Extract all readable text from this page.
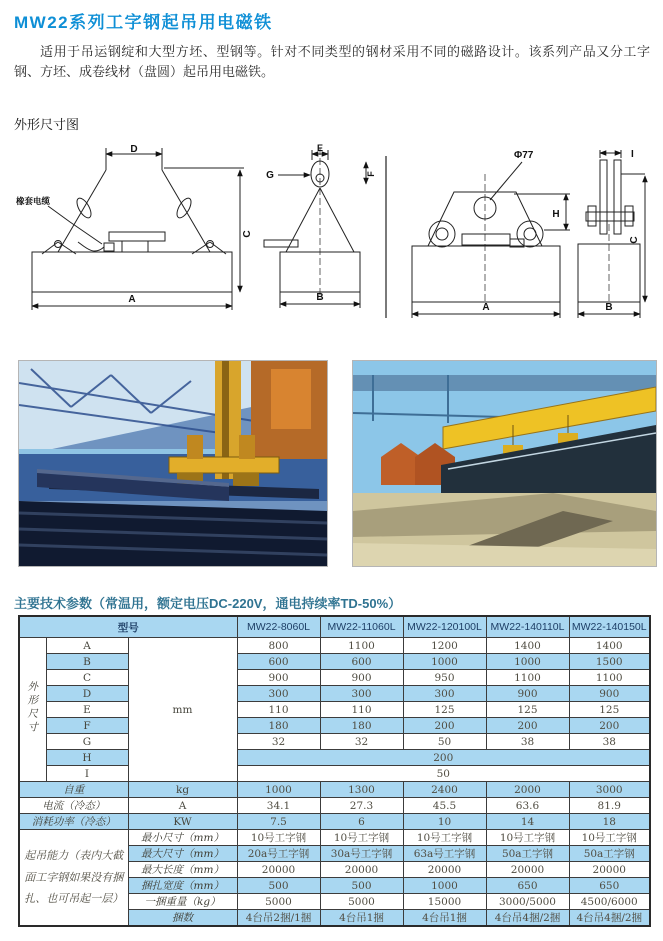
MW22系列工字钢起吊用电磁铁
适用于吊运钢绽和大型方坯、型钢等。针对不同类型的钢材采用不同的磁路设计。该系列产品又分工字钢、方坯、成卷线材（盘圆）起吊用电磁铁。
外形尺寸图
D
C
A
橡套电缆
E
G	F
B
Φ77
H
A
I
C
B
主要技术参数（常温用，额定电压DC-220V，通电持续率TD-50%）
型号			MW22-8060L	MW22-11060L	MW22-120100L	MW22-140110L	MW22-140150L
外形尺寸	A	mm	800	1100	1200	1400	1400
	B		600	600	1000	1000	1500
	C		900	900	950	1100	1100
	D		300	300	300	900	900
	E		110	110	125	125	125
	F		180	180	200	200	200
	G		32	32	50	38	38
	H		200				
	I		50				
自重		kg	1000	1300	2400	2000	3000
电流（冷态）		A	34.1	27.3	45.5	63.6	81.9
消耗功率（冷态）		KW	7.5	6	10	14	18
起吊能力（表内大截面工字钢如果没有捆扎、也可吊起一层）		最小尺寸（mm）	10号工字钢	10号工字钢	10号工字钢	10号工字钢	10号工字钢
		最大尺寸（mm）	20a号工字钢	30a号工字钢	63a号工字钢	50a工字钢	50a工字钢
		最大长度（mm）	20000	20000	20000	20000	20000
		捆扎宽度（mm）	500	500	1000	650	650
		一捆重量（kg）	5000	5000	15000	3000/5000	4500/6000
		捆数	4台吊2捆/1捆	4台吊1捆	4台吊1捆	4台吊4捆/2捆	4台吊4捆/2捆
